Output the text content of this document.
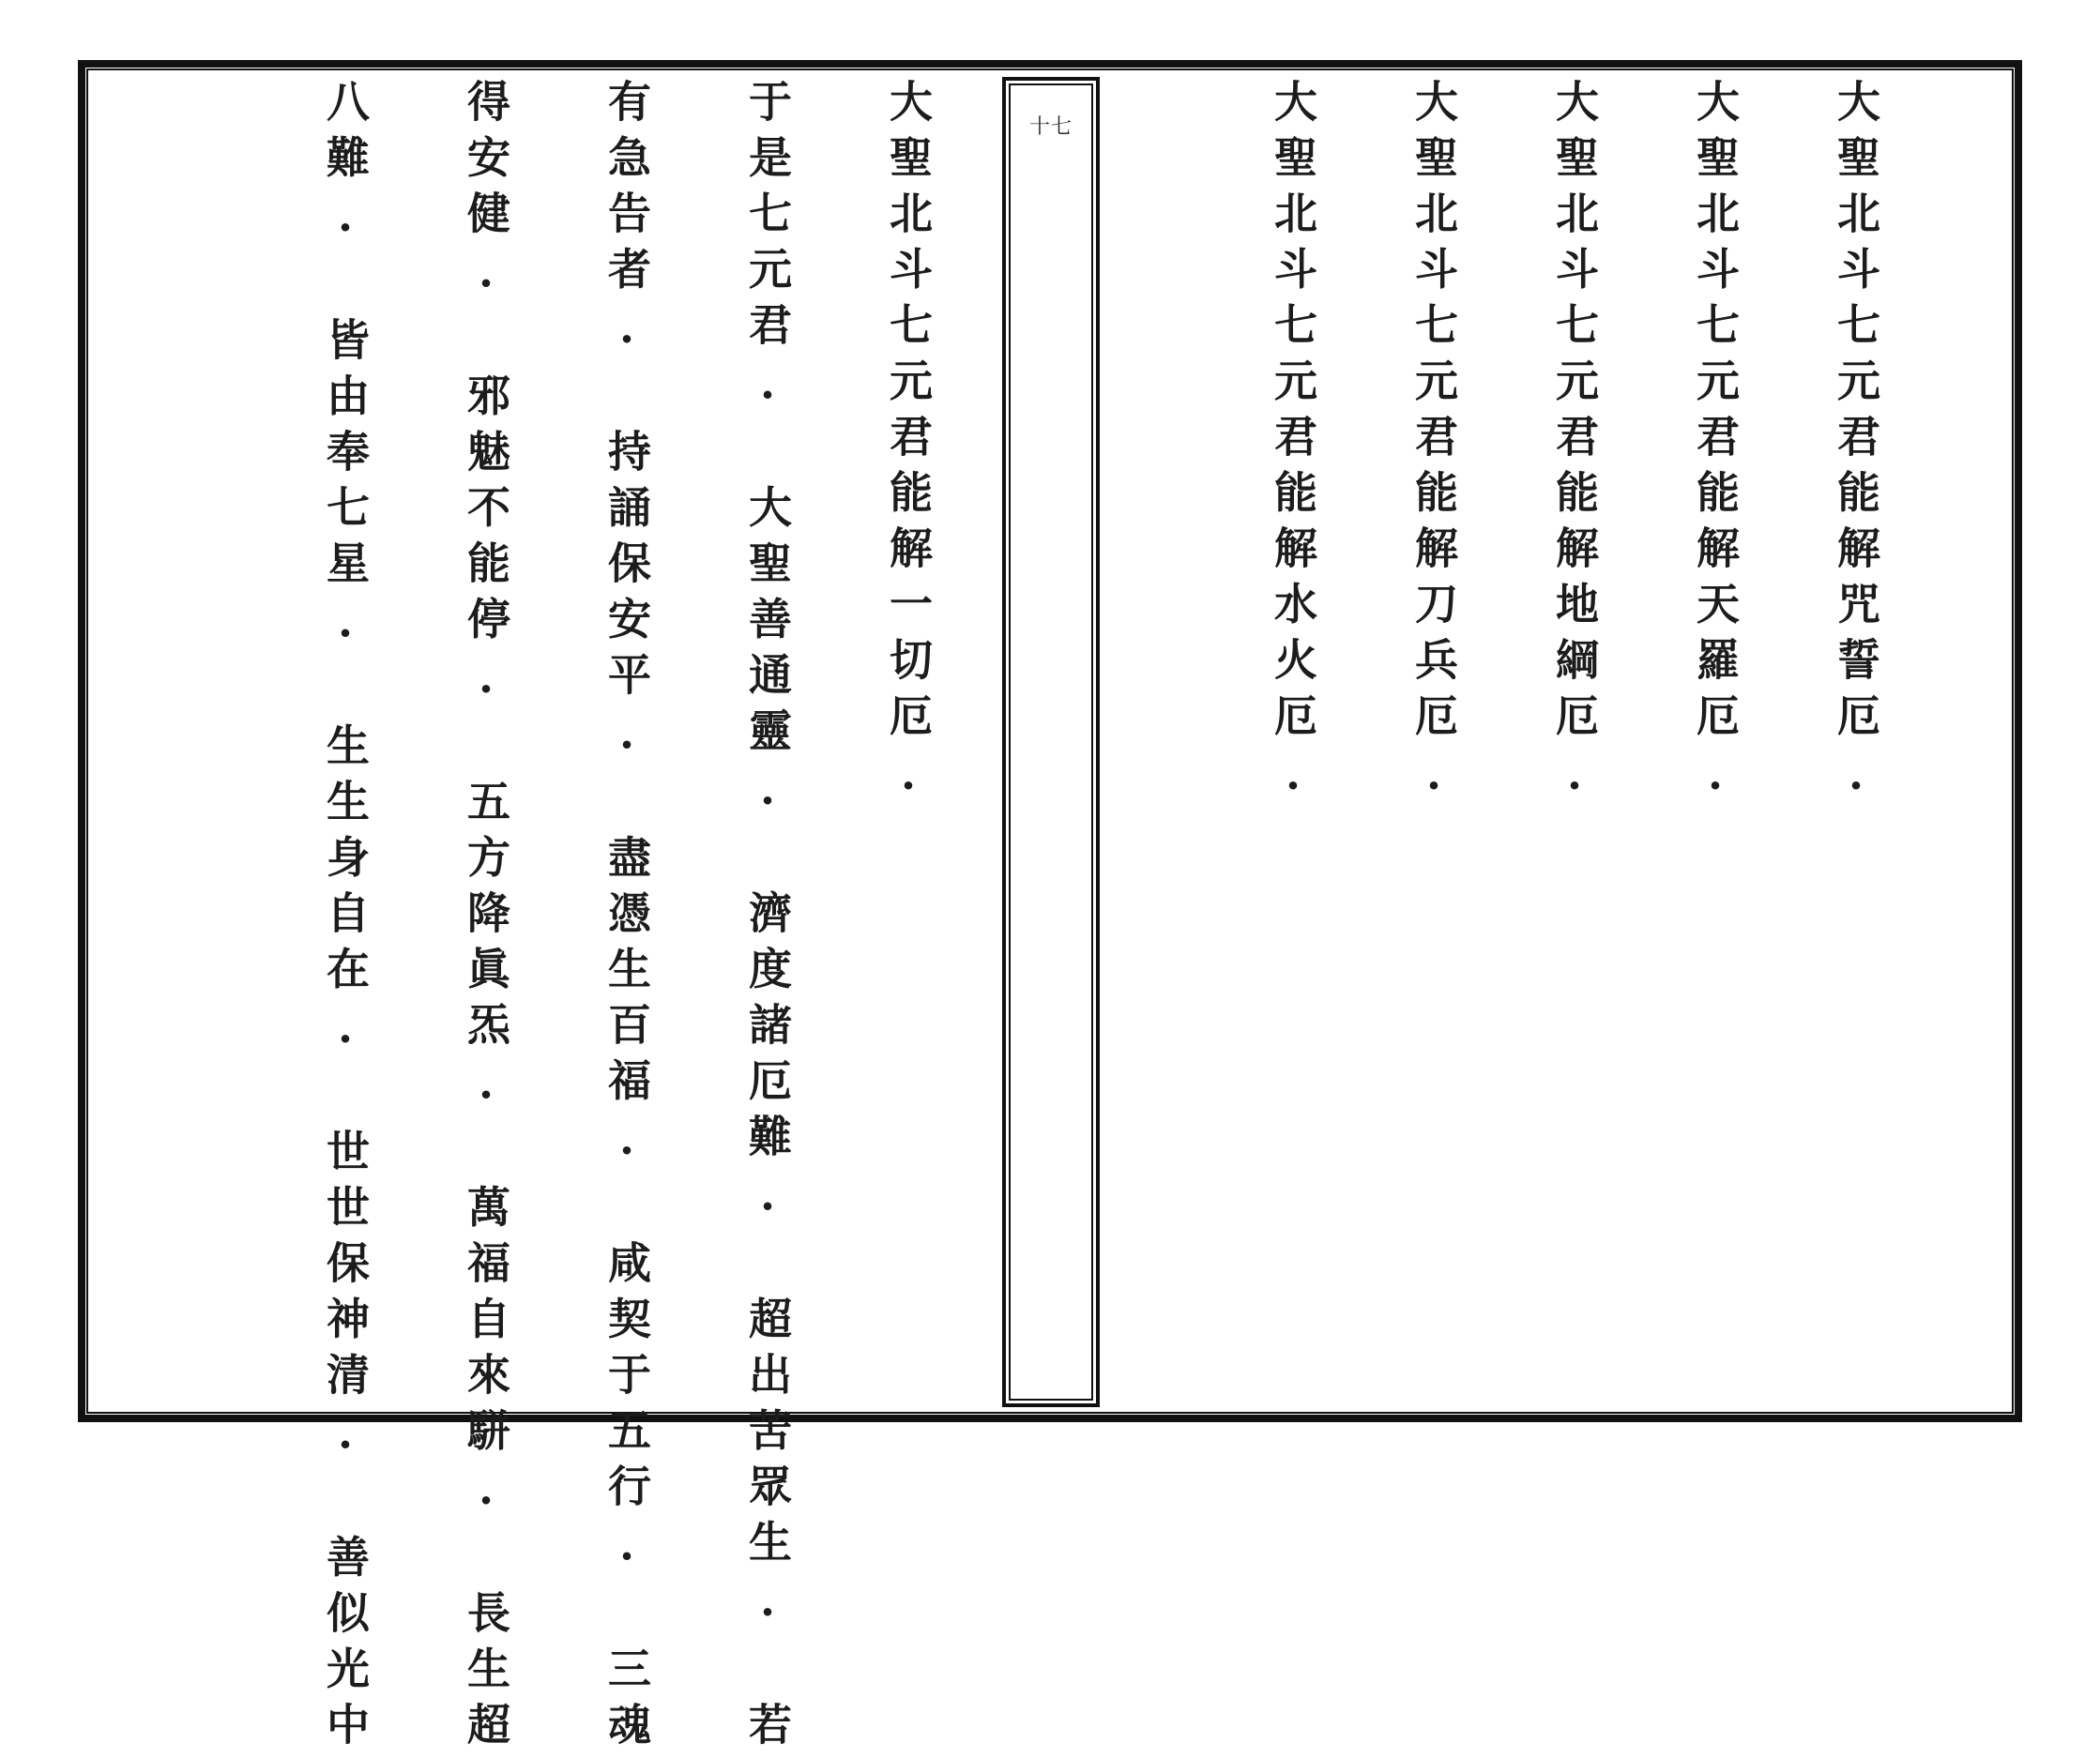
十七	大聖北斗七元君能解咒誓厄.
大聖北斗七元君能解天羅厄.
大聖北斗七元君能解地綱厄.
大聖北斗七元君能解刀兵厄.
大聖北斗七元君能解水火厄.
大聖北斗七元君能解一切厄.
于是七元君. 大聖善通靈. 濟度諸厄難. 超出苦眾生. 若
有急告者. 持誦保安平. 盡憑生百福. 咸契于五行. 三魂
得安健. 邪魅不能停. 五方降眞炁. 萬福自來駢. 長生超
八難. 皆由奉七星. 生生身自在. 世世保神清. 善似光中
